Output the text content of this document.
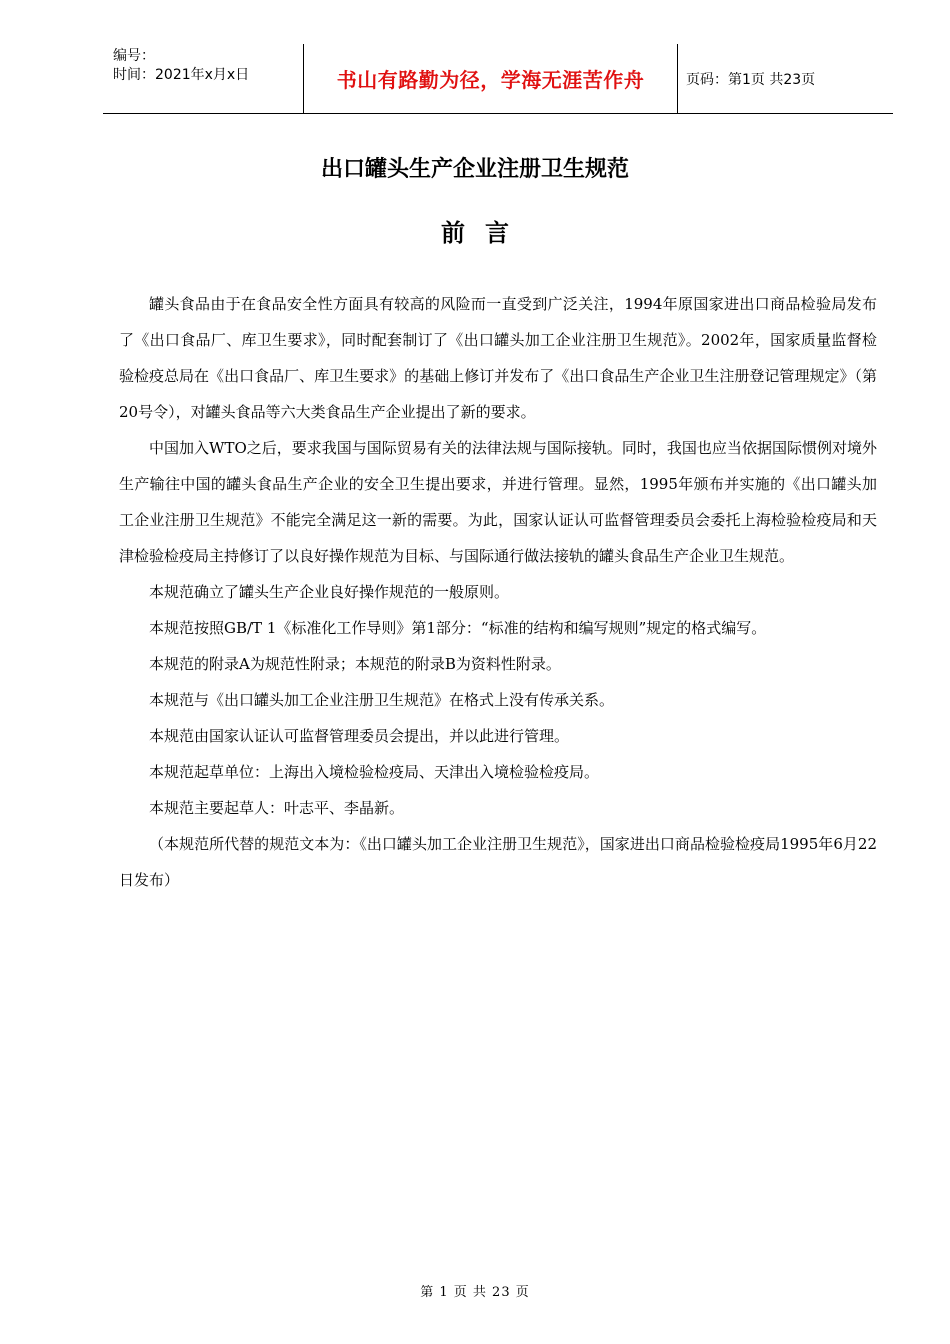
编号：
时间：2021年x月x日	书山有路勤为径，学海无涯苦作舟	页码：第1页 共23页
出口罐头生产企业注册卫生规范
前言

罐头食品由于在食品安全性方面具有较高的风险而一直受到广泛关注，1994年原国家进出口商品检验局发布了《出口食品厂、库卫生要求》，同时配套制订了《出口罐头加工企业注册卫生规范》。2002年，国家质量监督检验检疫总局在《出口食品厂、库卫生要求》的基础上修订并发布了《出口食品生产企业卫生注册登记管理规定》（第20号令），对罐头食品等六大类食品生产企业提出了新的要求。

中国加入WTO之后，要求我国与国际贸易有关的法律法规与国际接轨。同时，我国也应当依据国际惯例对境外生产输往中国的罐头食品生产企业的安全卫生提出要求，并进行管理。显然，1995年颁布并实施的《出口罐头加工企业注册卫生规范》不能完全满足这一新的需要。为此，国家认证认可监督管理委员会委托上海检验检疫局和天津检验检疫局主持修订了以良好操作规范为目标、与国际通行做法接轨的罐头食品生产企业卫生规范。

本规范确立了罐头生产企业良好操作规范的一般原则。

本规范按照GB/T 1《标准化工作导则》第1部分：“标准的结构和编写规则”规定的格式编写。

本规范的附录A为规范性附录；本规范的附录B为资料性附录。

本规范与《出口罐头加工企业注册卫生规范》在格式上没有传承关系。

本规范由国家认证认可监督管理委员会提出，并以此进行管理。

本规范起草单位：上海出入境检验检疫局、天津出入境检验检疫局。

本规范主要起草人：叶志平、李晶新。

（本规范所代替的规范文本为：《出口罐头加工企业注册卫生规范》，国家进出口商品检验检疫局1995年6月22日发布）

第 1 页 共 23 页
